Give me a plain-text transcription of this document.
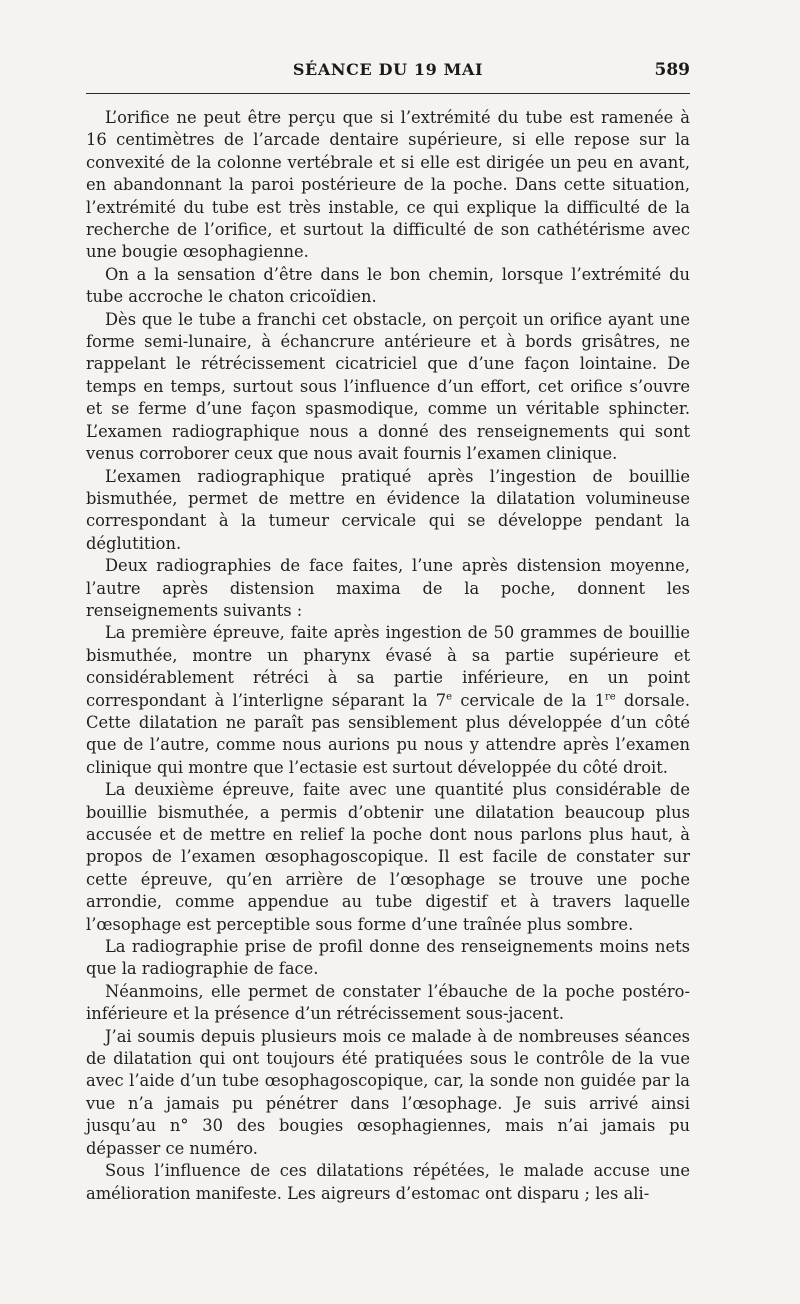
SÉANCE DU 19 MAI	589

L’orifice ne peut être perçu que si l’extrémité du tube est ramenée à 16 centimètres de l’arcade dentaire supérieure, si elle repose sur la convexité de la colonne vertébrale et si elle est dirigée un peu en avant, en abandonnant la paroi postérieure de la poche. Dans cette situation, l’extrémité du tube est très instable, ce qui explique la difficulté de la recherche de l’orifice, et surtout la difficulté de son cathétérisme avec une bougie œsophagienne.

On a la sensation d’être dans le bon chemin, lorsque l’extrémité du tube accroche le chaton cricoïdien.

Dès que le tube a franchi cet obstacle, on perçoit un orifice ayant une forme semi-lunaire, à échancrure antérieure et à bords grisâtres, ne rappelant le rétrécissement cicatriciel que d’une façon lointaine. De temps en temps, surtout sous l’influence d’un effort, cet orifice s’ouvre et se ferme d’une façon spasmodique, comme un véritable sphincter. L’examen radiographique nous a donné des renseignements qui sont venus corroborer ceux que nous avait fournis l’examen clinique.

L’examen radiographique pratiqué après l’ingestion de bouillie bismuthée, permet de mettre en évidence la dilatation volumineuse correspondant à la tumeur cervicale qui se développe pendant la déglutition.

Deux radiographies de face faites, l’une après distension moyenne, l’autre après distension maxima de la poche, donnent les renseignements suivants :

La première épreuve, faite après ingestion de 50 grammes de bouillie bismuthée, montre un pharynx évasé à sa partie supérieure et considérablement rétréci à sa partie inférieure, en un point correspondant à l’interligne séparant la 7e cervicale de la 1re dorsale. Cette dilatation ne paraît pas sensiblement plus développée d’un côté que de l’autre, comme nous aurions pu nous y attendre après l’examen clinique qui montre que l’ectasie est surtout développée du côté droit.

La deuxième épreuve, faite avec une quantité plus considérable de bouillie bismuthée, a permis d’obtenir une dilatation beaucoup plus accusée et de mettre en relief la poche dont nous parlons plus haut, à propos de l’examen œsophagoscopique. Il est facile de constater sur cette épreuve, qu’en arrière de l’œsophage se trouve une poche arrondie, comme appendue au tube digestif et à travers laquelle l’œsophage est perceptible sous forme d’une traînée plus sombre.

La radiographie prise de profil donne des renseignements moins nets que la radiographie de face.

Néanmoins, elle permet de constater l’ébauche de la poche postéro-inférieure et la présence d’un rétrécissement sous-jacent.

J’ai soumis depuis plusieurs mois ce malade à de nombreuses séances de dilatation qui ont toujours été pratiquées sous le contrôle de la vue avec l’aide d’un tube œsophagoscopique, car, la sonde non guidée par la vue n’a jamais pu pénétrer dans l’œsophage. Je suis arrivé ainsi jusqu’au n° 30 des bougies œsophagiennes, mais n’ai jamais pu dépasser ce numéro.

Sous l’influence de ces dilatations répétées, le malade accuse une amélioration manifeste. Les aigreurs d’estomac ont disparu ; les ali-
